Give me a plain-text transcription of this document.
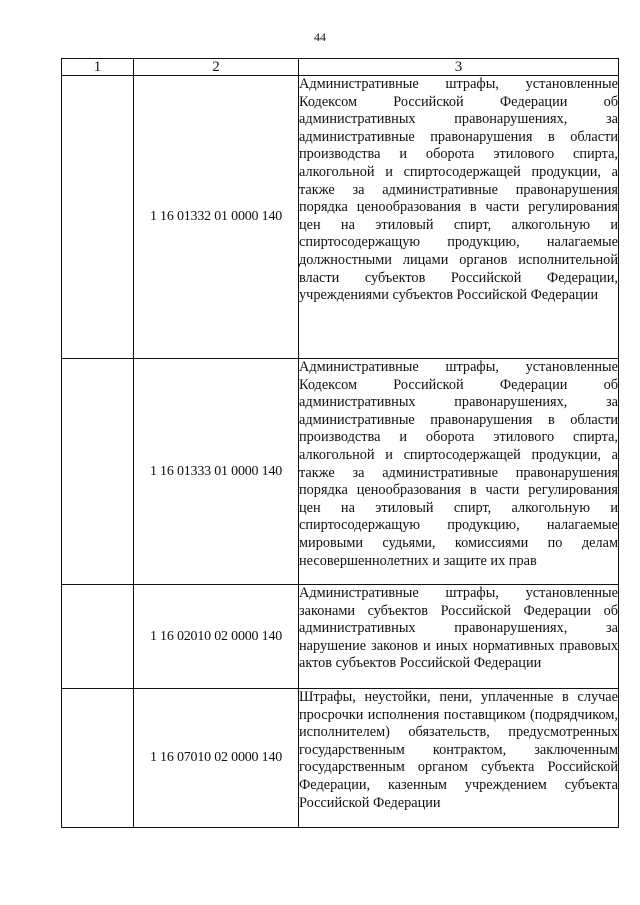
44
1	2	3
	1 16 01332 01 0000 140	Административные штрафы, установленные Кодексом Российской Федерации об административных правонарушениях, за административные правонарушения в области производства и оборота этилового спирта, алкогольной и спиртосодержащей продукции, а также за административные правонарушения порядка ценообразования в части регулирования цен на этиловый спирт, алкогольную и спиртосодержащую продукцию, налагаемые должностными лицами органов исполнительной власти субъектов Российской Федерации, учреждениями субъектов Российской Федерации
	1 16 01333 01 0000 140	Административные штрафы, установленные Кодексом Российской Федерации об административных правонарушениях, за административные правонарушения в области производства и оборота этилового спирта, алкогольной и спиртосодержащей продукции, а также за административные правонарушения порядка ценообразования в части регулирования цен на этиловый спирт, алкогольную и спиртосодержащую продукцию, налагаемые мировыми судьями, комиссиями по делам несовершеннолетних и защите их прав
	1 16 02010 02 0000 140	Административные штрафы, установленные законами субъектов Российской Федерации об административных правонарушениях, за нарушение законов и иных нормативных правовых актов субъектов Российской Федерации
	1 16 07010 02 0000 140	Штрафы, неустойки, пени, уплаченные в случае просрочки исполнения поставщиком (подрядчиком, исполнителем) обязательств, предусмотренных государственным контрактом, заключенным государственным органом субъекта Российской Федерации, казенным учреждением субъекта Российской Федерации
